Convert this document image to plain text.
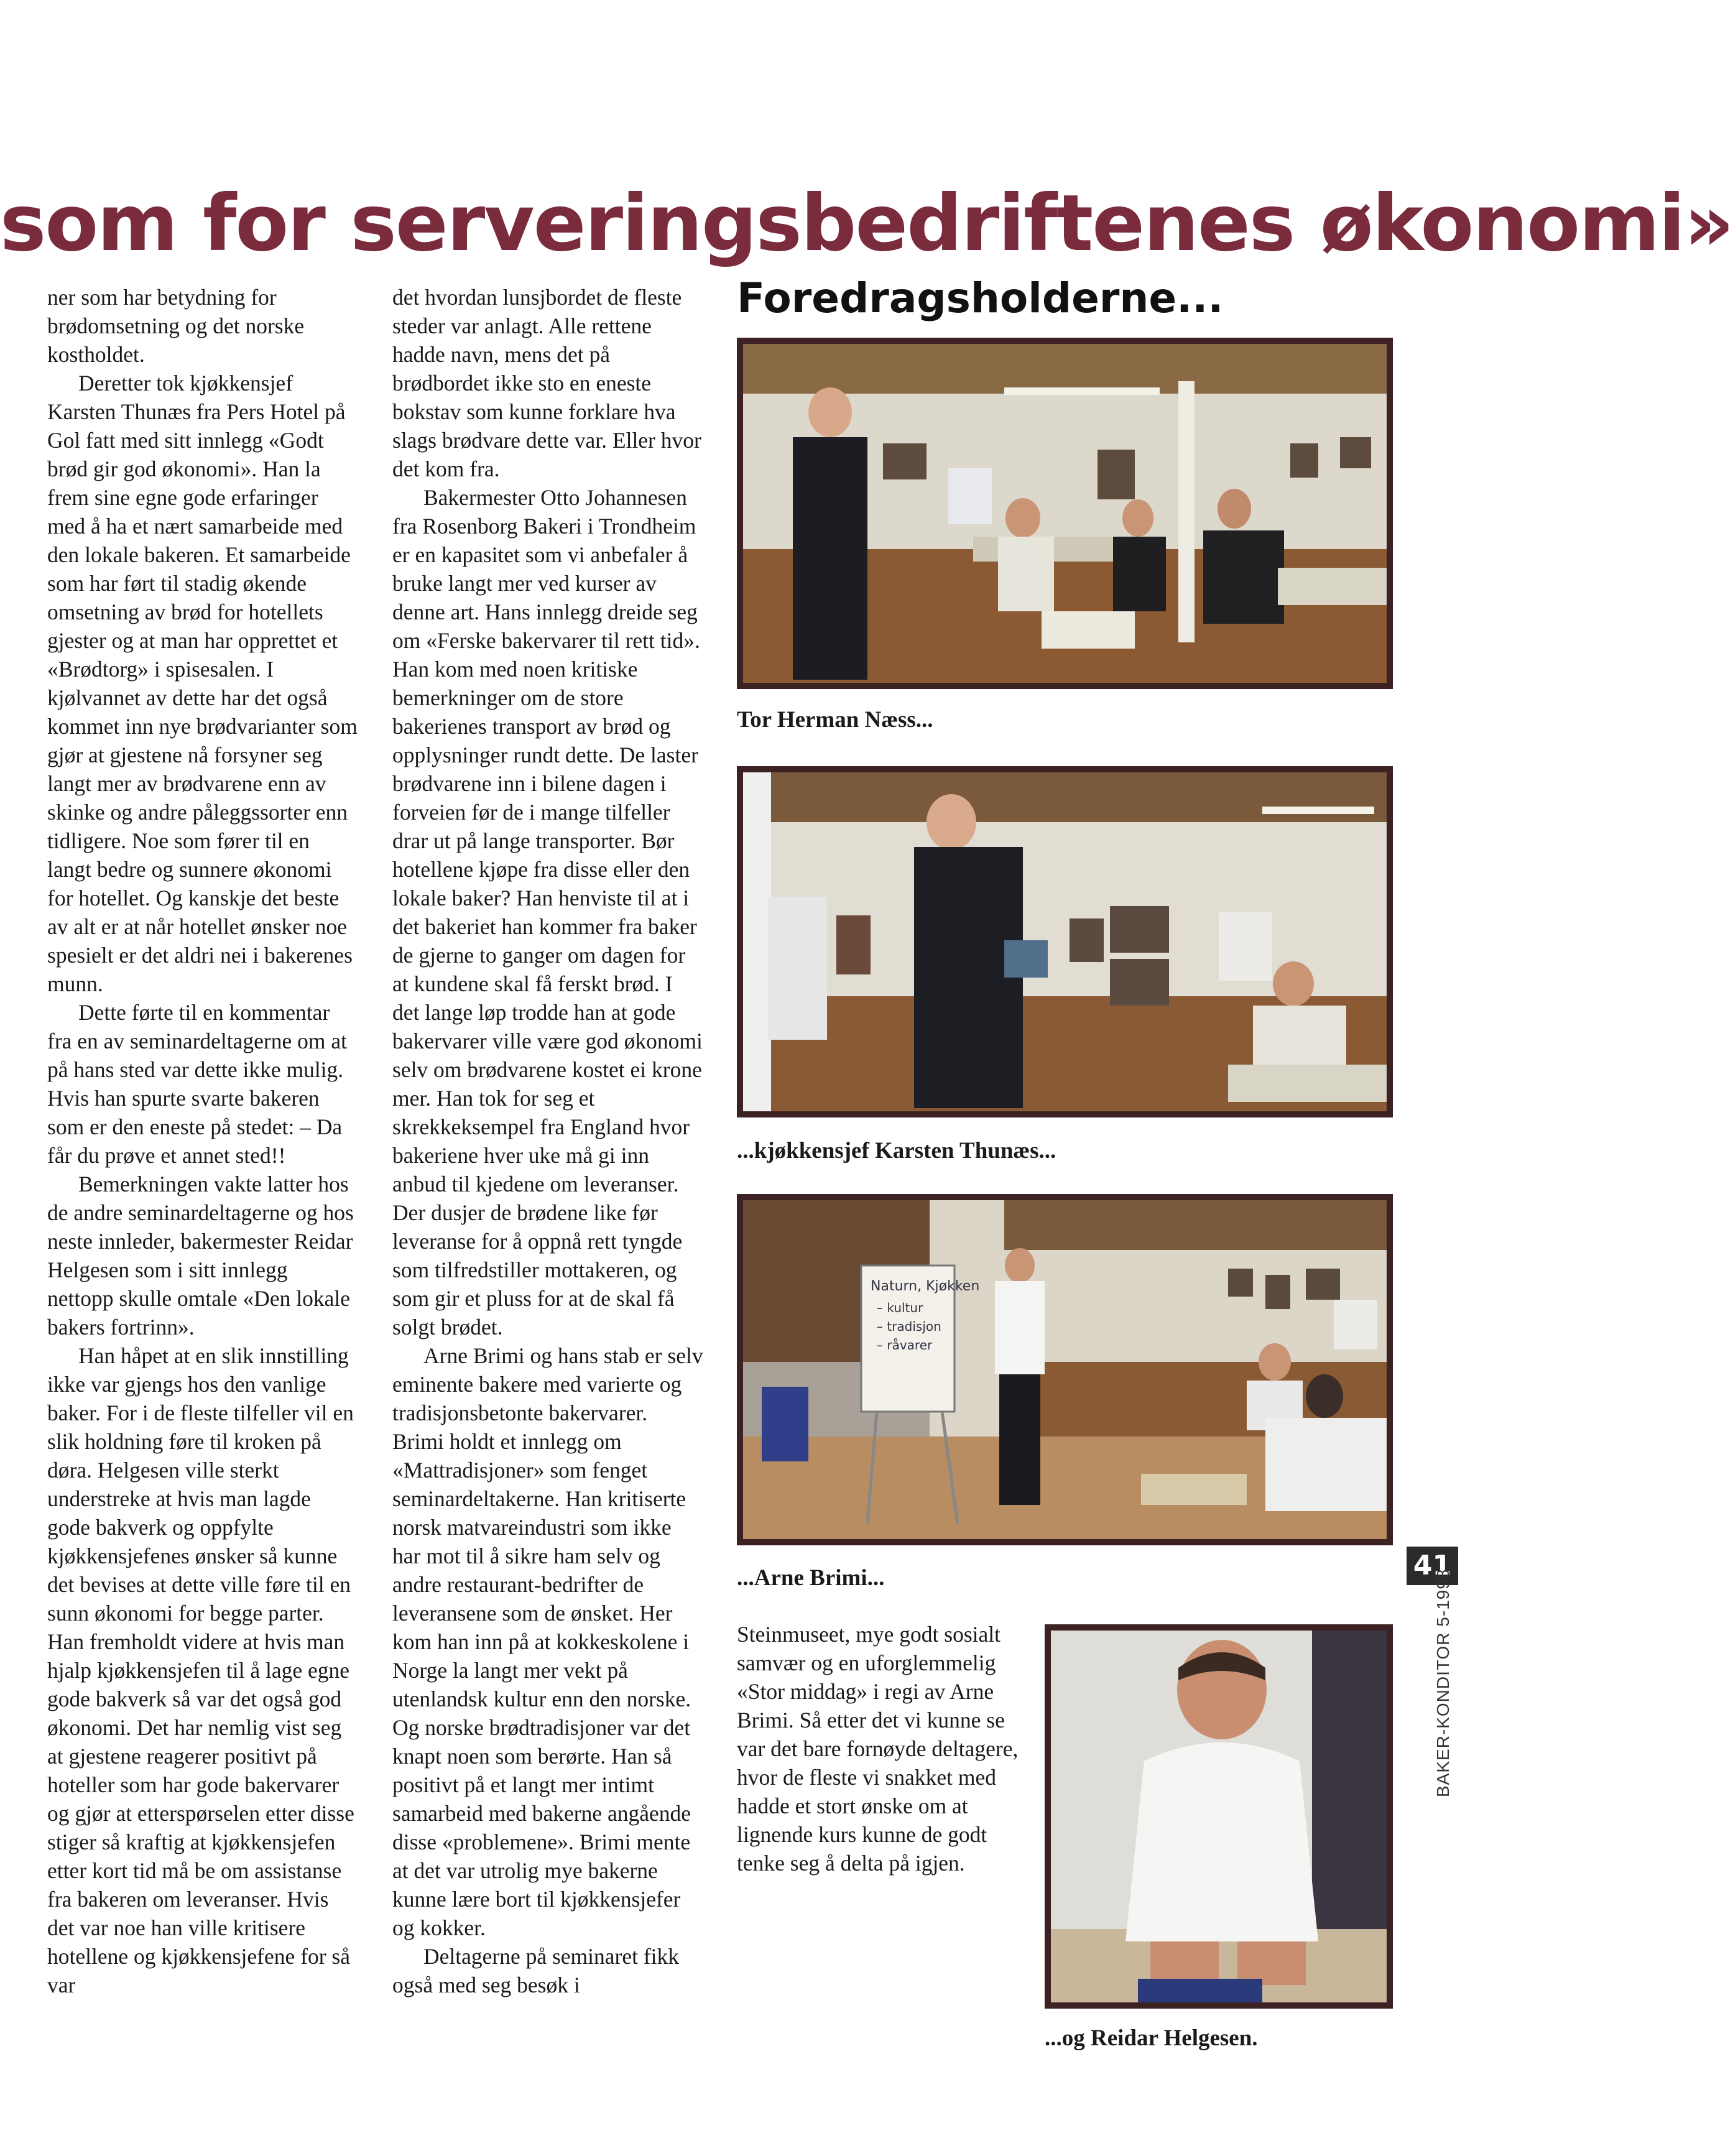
som for serveringsbedriftenes økonomi»

ner som har betydning for brødomsetning og det norske kostholdet.

Deretter tok kjøkkensjef Karsten Thunæs fra Pers Hotel på Gol fatt med sitt innlegg «Godt brød gir god økonomi». Han la frem sine egne gode erfaringer med å ha et nært samarbeide med den lokale bakeren. Et samarbeide som har ført til stadig økende omsetning av brød for hotellets gjester og at man har opprettet et «Brødtorg» i spisesalen. I kjølvannet av dette har det også kommet inn nye brødvarianter som gjør at gjestene nå forsyner seg langt mer av brødvarene enn av skinke og andre påleggssorter enn tidligere. Noe som fører til en langt bedre og sunnere økonomi for hotellet. Og kanskje det beste av alt er at når hotellet ønsker noe spesielt er det aldri nei i bakerenes munn.

Dette førte til en kommentar fra en av seminardeltagerne om at på hans sted var dette ikke mulig. Hvis han spurte svarte bakeren som er den eneste på stedet: – Da får du prøve et annet sted!!

Bemerkningen vakte latter hos de andre seminardeltagerne og hos neste innleder, bakermester Reidar Helgesen som i sitt innlegg nettopp skulle omtale «Den lokale bakers fortrinn».

Han håpet at en slik innstilling ikke var gjengs hos den vanlige baker. For i de fleste tilfeller vil en slik holdning føre til kroken på døra. Helgesen ville sterkt understreke at hvis man lagde gode bakverk og oppfylte kjøkkensjefenes ønsker så kunne det bevises at dette ville føre til en sunn økonomi for begge parter. Han fremholdt videre at hvis man hjalp kjøkkensjefen til å lage egne gode bakverk så var det også god økonomi. Det har nemlig vist seg at gjestene reagerer positivt på hoteller som har gode bakervarer og gjør at etterspørselen etter disse stiger så kraftig at kjøkkensjefen etter kort tid må be om assistanse fra bakeren om leveranser. Hvis det var noe han ville kritisere hotellene og kjøkkensjefene for så var

det hvordan lunsjbordet de fleste steder var anlagt. Alle rettene hadde navn, mens det på brødbordet ikke sto en eneste bokstav som kunne forklare hva slags brødvare dette var. Eller hvor det kom fra.

Bakermester Otto Johannesen fra Rosenborg Bakeri i Trondheim er en kapasitet som vi anbefaler å bruke langt mer ved kurser av denne art. Hans innlegg dreide seg om «Ferske bakervarer til rett tid». Han kom med noen kritiske bemerkninger om de store bakerienes transport av brød og opplysninger rundt dette. De laster brødvarene inn i bilene dagen i forveien før de i mange tilfeller drar ut på lange transporter. Bør hotellene kjøpe fra disse eller den lokale baker? Han henviste til at i det bakeriet han kommer fra baker de gjerne to ganger om dagen for at kundene skal få ferskt brød. I det lange løp trodde han at gode bakervarer ville være god økonomi selv om brødvarene kostet ei krone mer. Han tok for seg et skrekkeksempel fra England hvor bakeriene hver uke må gi inn anbud til kjedene om leveranser. Der dusjer de brødene like før leveranse for å oppnå rett tyngde som tilfredstiller mottakeren, og som gir et pluss for at de skal få solgt brødet.

Arne Brimi og hans stab er selv eminente bakere med varierte og tradisjonsbetonte bakervarer. Brimi holdt et innlegg om «Mattradisjoner» som fenget seminardeltakerne. Han kritiserte norsk matvareindustri som ikke har mot til å sikre ham selv og andre restaurant-bedrifter de leveransene som de ønsket. Her kom han inn på at kokkeskolene i Norge la langt mer vekt på utenlandsk kultur enn den norske. Og norske brødtradisjoner var det knapt noen som berørte. Han så positivt på et langt mer intimt samarbeid med bakerne angående disse «problemene». Brimi mente at det var utrolig mye bakerne kunne lære bort til kjøkkensjefer og kokker.

Deltagerne på seminaret fikk også med seg besøk i

Foredragsholderne...
Tor Herman Næss...
...kjøkkensjef Karsten Thunæs...
Naturn, Kjøkken
– kultur
– tradisjon
– råvarer
...Arne Brimi...

Steinmuseet, mye godt sosialt samvær og en uforglemmelig «Stor middag» i regi av Arne Brimi. Så etter det vi kunne se var det bare fornøyde deltagere, hvor de fleste vi snakket med hadde et stort ønske om at lignende kurs kunne de godt tenke seg å delta på igjen.

...og Reidar Helgesen.
41
BAKER-KONDITOR 5-1998
